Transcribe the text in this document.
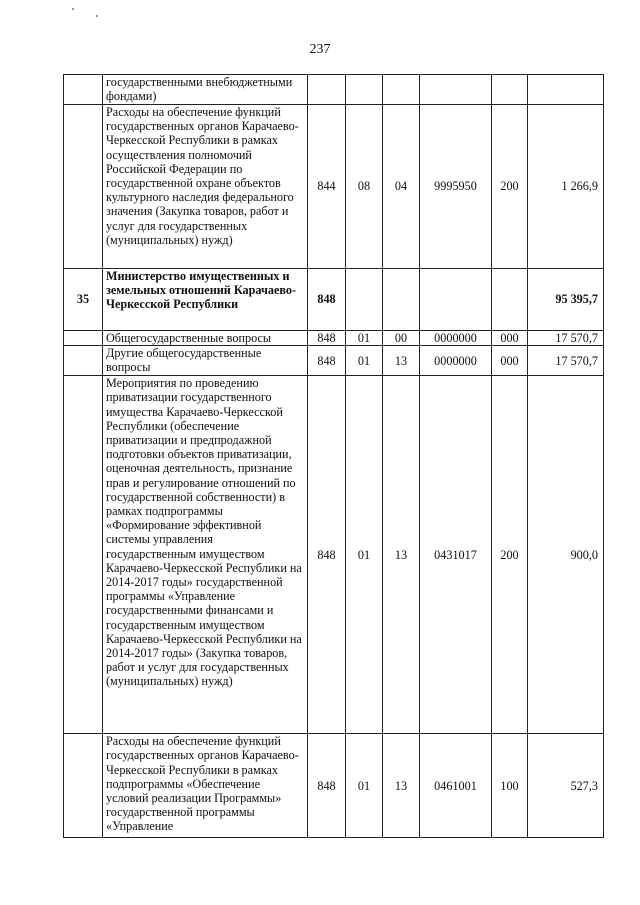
237
	государственными внебюджетными фондами)						
	Расходы на обеспечение функций государственных органов Карачаево-Черкесской Республики в рамках осуществления полномочий Российской Федерации по государственной охране объектов культурного наследия федерального значения (Закупка товаров, работ и услуг для государственных (муниципальных) нужд)	844	08	04	9995950	200	1 266,9
35	Министерство имущественных и земельных отношений Карачаево-Черкесской Республики	848					95 395,7
	Общегосударственные вопросы	848	01	00	0000000	000	17 570,7
	Другие общегосударственные вопросы	848	01	13	0000000	000	17 570,7
	Мероприятия по проведению приватизации государственного имущества Карачаево-Черкесской Республики (обеспечение приватизации и предпродажной подготовки объектов приватизации, оценочная деятельность, признание прав и регулирование отношений по государственной собственности) в рамках подпрограммы «Формирование эффективной системы управления государственным имуществом Карачаево-Черкесской Республики на 2014-2017 годы» государственной программы «Управление государственными финансами и государственным имуществом Карачаево-Черкесской Республики на 2014-2017 годы» (Закупка товаров, работ и услуг для государственных (муниципальных) нужд)	848	01	13	0431017	200	900,0
	Расходы на обеспечение функций государственных органов Карачаево-Черкесской Республики в рамках подпрограммы «Обеспечение условий реализации Программы» государственной программы «Управление	848	01	13	0461001	100	527,3
